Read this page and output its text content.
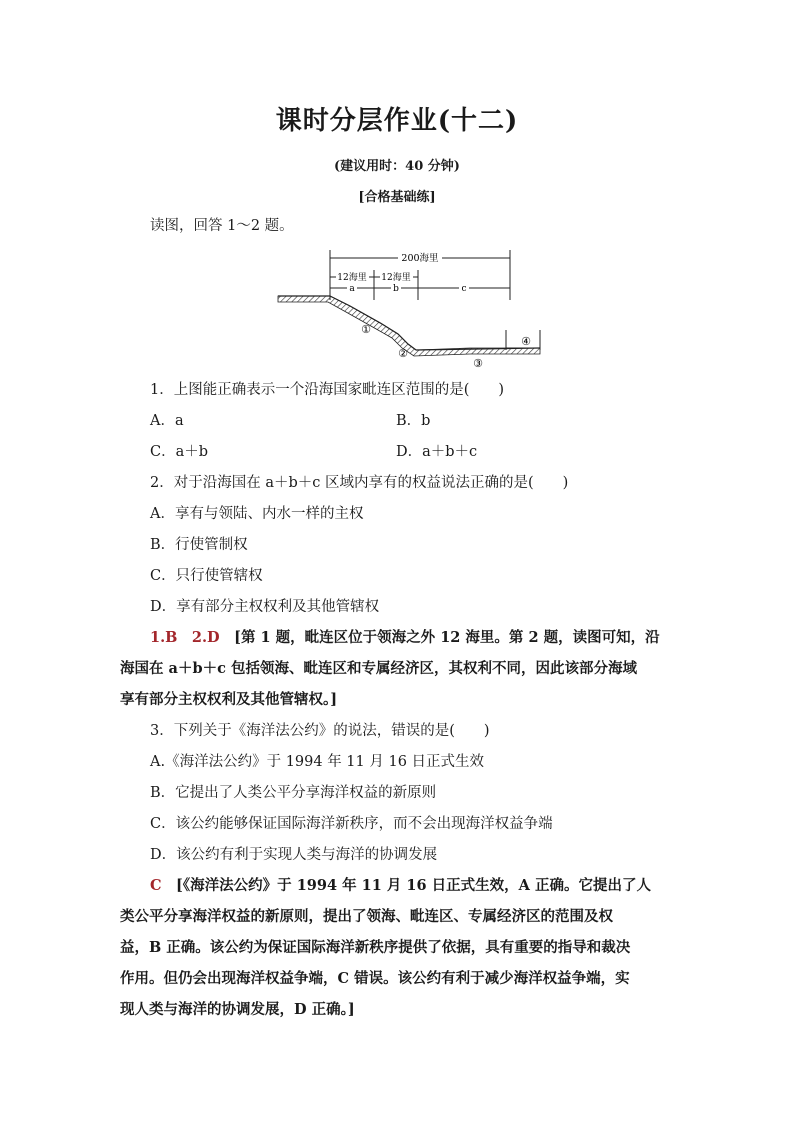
课时分层作业(十二)
(建议用时：40 分钟)
[合格基础练]
读图，回答 1～2 题。
200海里
12海里 12海里
a	b	c
①
②
③
④
1．上图能正确表示一个沿海国家毗连区范围的是(　　)
A．a	B．b
C．a＋b	D．a＋b＋c
2．对于沿海国在 a＋b＋c 区域内享有的权益说法正确的是(　　)
A．享有与领陆、内水一样的主权
B．行使管制权
C．只行使管辖权
D．享有部分主权权利及其他管辖权
1.B　2.D　[第 1 题，毗连区位于领海之外 12 海里。第 2 题，读图可知，沿
海国在 a＋b＋c 包括领海、毗连区和专属经济区，其权利不同，因此该部分海域
享有部分主权权利及其他管辖权。]
3．下列关于《海洋法公约》的说法，错误的是(　　)
A.《海洋法公约》于 1994 年 11 月 16 日正式生效
B．它提出了人类公平分享海洋权益的新原则
C．该公约能够保证国际海洋新秩序，而不会出现海洋权益争端
D．该公约有利于实现人类与海洋的协调发展
C　[《海洋法公约》于 1994 年 11 月 16 日正式生效，A 正确。它提出了人
类公平分享海洋权益的新原则，提出了领海、毗连区、专属经济区的范围及权
益，B 正确。该公约为保证国际海洋新秩序提供了依据，具有重要的指导和裁决
作用。但仍会出现海洋权益争端，C 错误。该公约有利于减少海洋权益争端，实
现人类与海洋的协调发展，D 正确。]
